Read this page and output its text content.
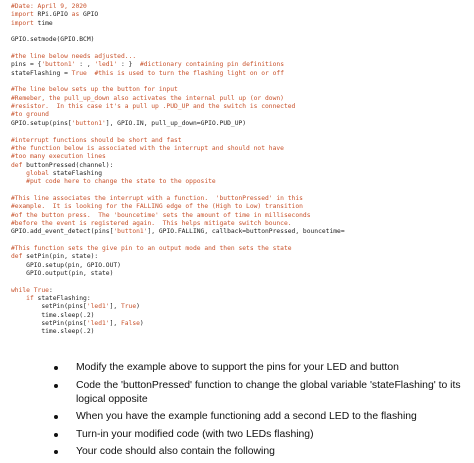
#Date: April 9, 2020
import RPi.GPIO as GPIO
import time
GPIO.setmode(GPIO.BCM)
#the line below needs adjusted...
pins = {'button1' : , 'led1' : }  #dictionary containing pin definitions
stateFlashing = True #this is used to turn the flashing light on or off
#The line below sets up the button for input
#Remeber, the pull_up_down also activates the internal pull up (or down)
#resistor.  In this case it's a pull up .PUD_UP and the switch is connected
#to ground
GPIO.setup(pins['button1'], GPIO.IN, pull_up_down=GPIO.PUD_UP)
#interrupt functions should be short and fast
#the function below is associated with the interrupt and should not have
#too many execution lines
def buttonPressed(channel):
global stateFlashing
#put code here to change the state to the opposite
#This line associates the interrupt with a function.  'buttonPressed' in this
#example.  It is looking for the FALLING edge of the (High to Low) transition
#of the button press.  The 'bouncetime' sets the amount of time in milliseconds
#before the event is registered again.  This helps mitigate switch bounce.
GPIO.add_event_detect(pins['button1'], GPIO.FALLING, callback=buttonPressed, bouncetime=
#This function sets the give pin to an output mode and then sets the state
def setPin(pin, state):
GPIO.setup(pin, GPIO.OUT)
GPIO.output(pin, state)
while True:
if stateFlashing:
setPin(pins['led1'], True)
time.sleep(.2)
setPin(pins['led1'], False)
time.sleep(.2)
Modify the example above to support the pins for your LED and button
Code the 'buttonPressed' function to change the global variable 'stateFlashing' to its logical opposite
When you have the example functioning add a second LED to the flashing
Turn-in your modified code (with two LEDs flashing)
Your code should also contain the following
